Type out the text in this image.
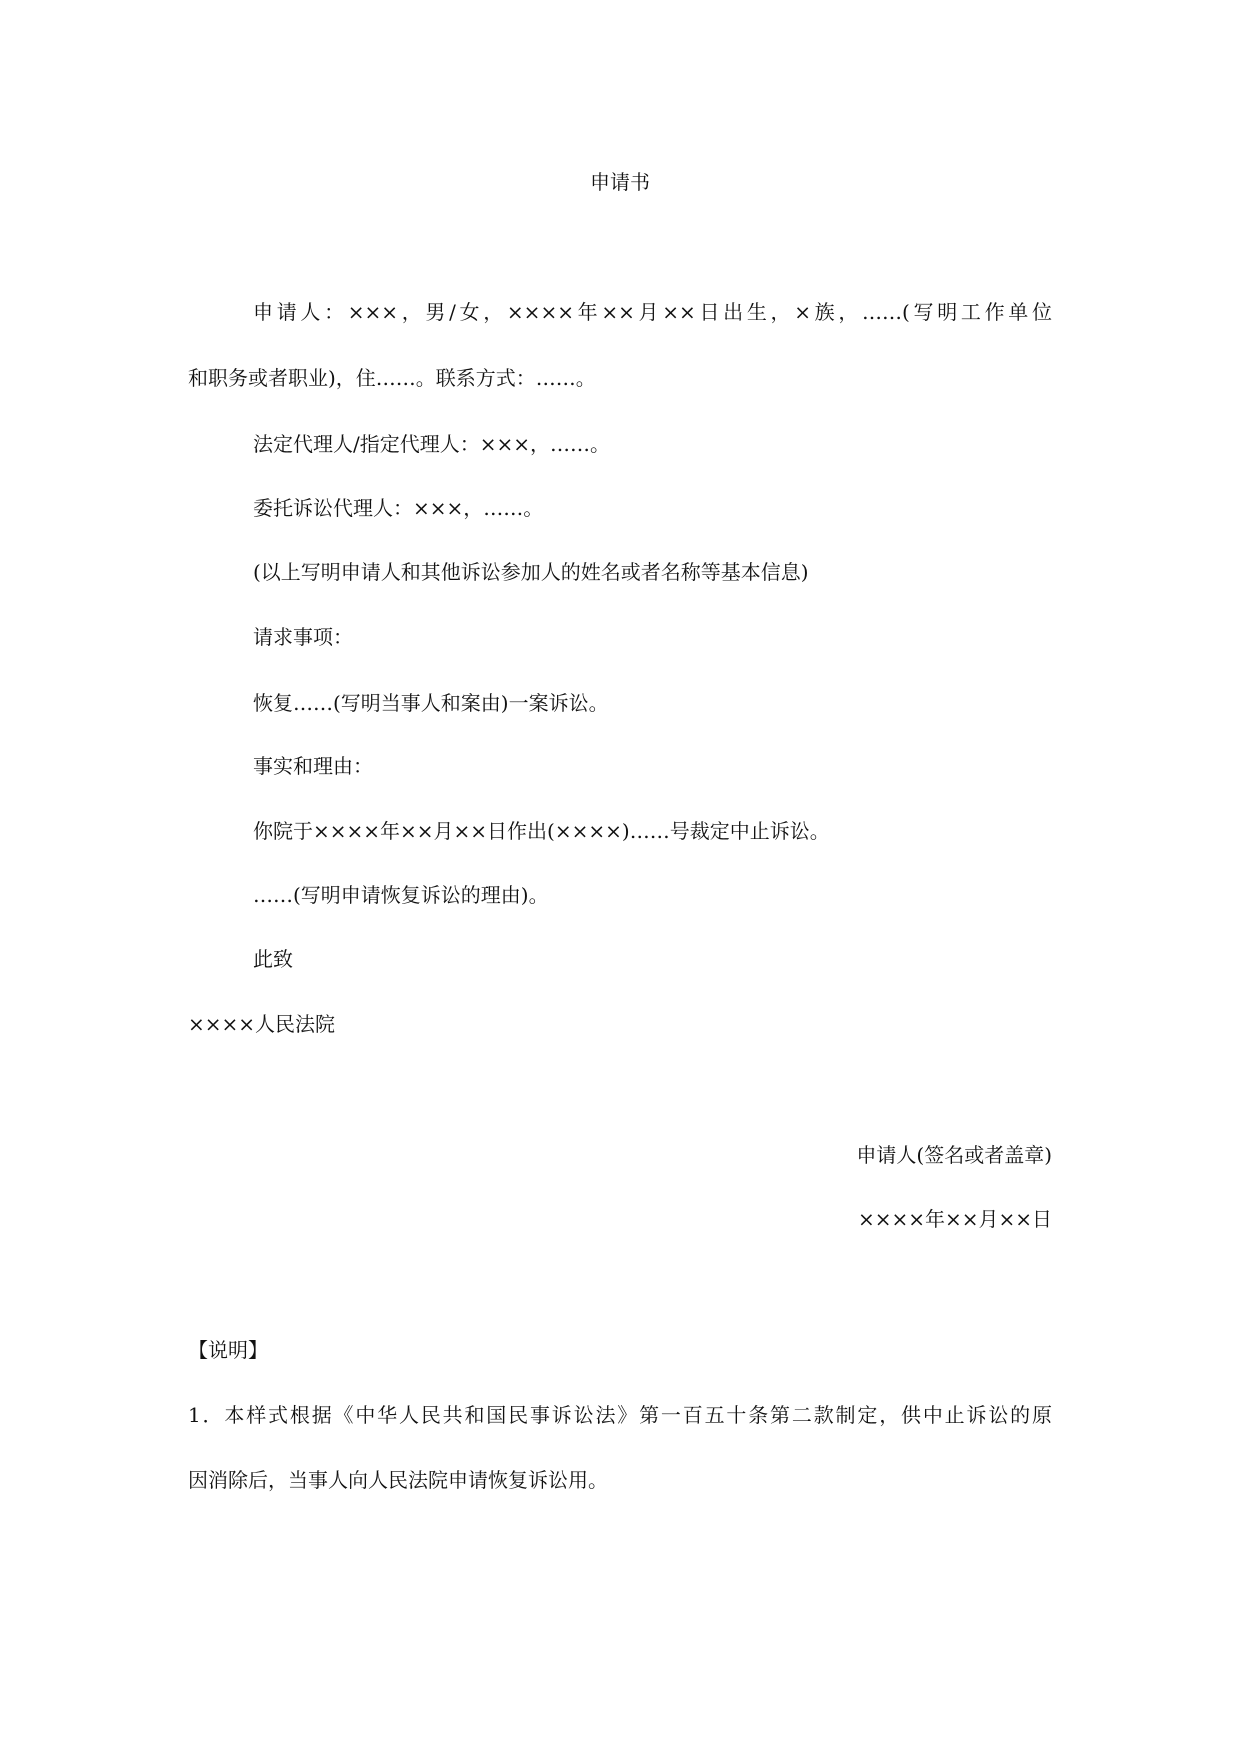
申请书
申请人：×××，男/女，××××年××月××日出生，×族，……(写明工作单位
和职务或者职业)，住……。联系方式：……。
法定代理人/指定代理人：×××，……。
委托诉讼代理人：×××，……。
(以上写明申请人和其他诉讼参加人的姓名或者名称等基本信息)
请求事项：
恢复……(写明当事人和案由)一案诉讼。
事实和理由：
你院于××××年××月××日作出(××××)……号裁定中止诉讼。
……(写明申请恢复诉讼的理由)。
此致
××××人民法院
申请人(签名或者盖章)
××××年××月××日
【说明】
1．本样式根据《中华人民共和国民事诉讼法》第一百五十条第二款制定，供中止诉讼的原
因消除后，当事人向人民法院申请恢复诉讼用。
